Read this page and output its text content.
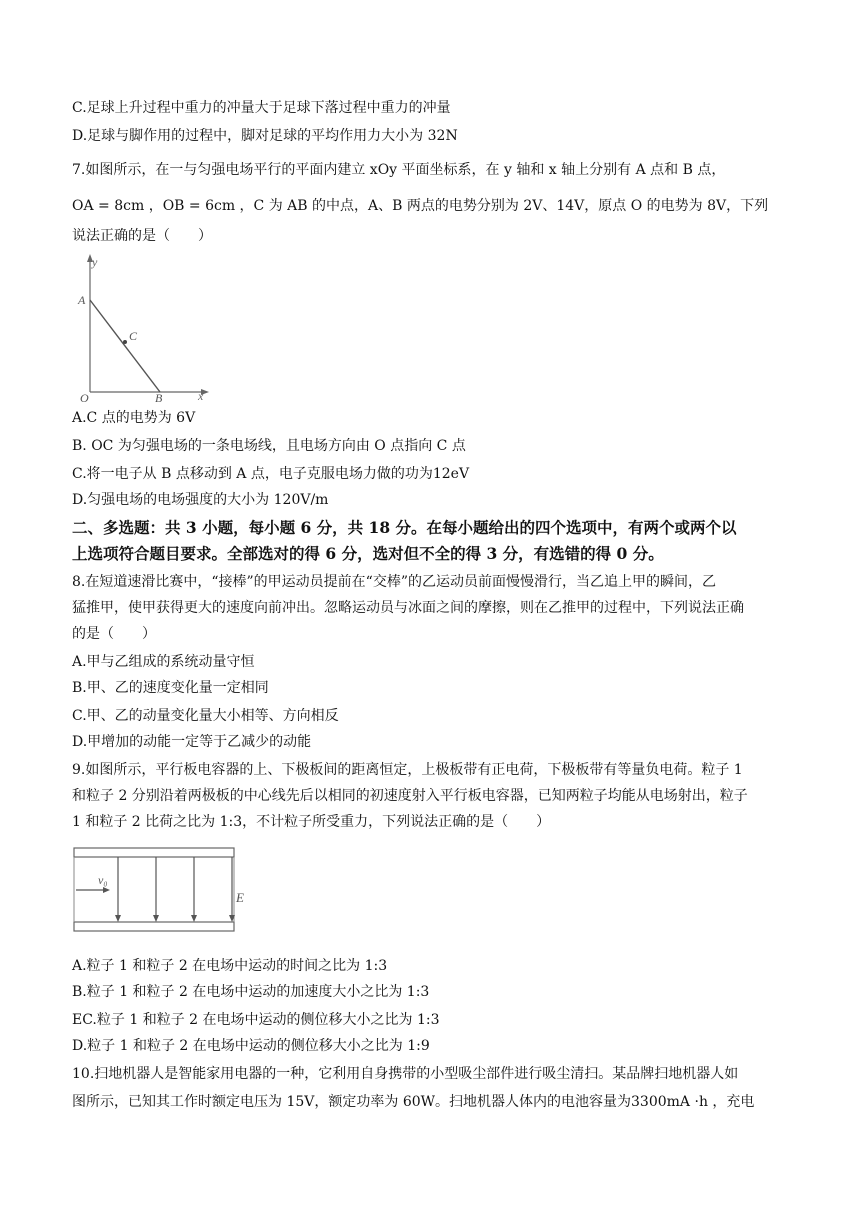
C.足球上升过程中重力的冲量大于足球下落过程中重力的冲量
D.足球与脚作用的过程中，脚对足球的平均作用力大小为 32N
7.如图所示，在一与匀强电场平行的平面内建立 xOy 平面坐标系，在 y 轴和 x 轴上分别有 A 点和 B 点，
OA = 8cm ，OB = 6cm ，C 为 AB 的中点，A、B 两点的电势分别为 2V、14V，原点 O 的电势为 8V，下列
说法正确的是（　　）
y
x
A
B
C
O
A.C 点的电势为 6V
B. OC 为匀强电场的一条电场线，且电场方向由 O 点指向 C 点
C.将一电子从 B 点移动到 A 点，电子克服电场力做的功为12eV
D.匀强电场的电场强度的大小为 120V/m
二、多选题：共 3 小题，每小题 6 分，共 18 分。在每小题给出的四个选项中，有两个或两个以
上选项符合题目要求。全部选对的得 6 分，选对但不全的得 3 分，有选错的得 0 分。
8.在短道速滑比赛中，“接棒”的甲运动员提前在“交棒”的乙运动员前面慢慢滑行，当乙追上甲的瞬间，乙
猛推甲，使甲获得更大的速度向前冲出。忽略运动员与冰面之间的摩擦，则在乙推甲的过程中，下列说法正确
的是（　　）
A.甲与乙组成的系统动量守恒
B.甲、乙的速度变化量一定相同
C.甲、乙的动量变化量大小相等、方向相反
D.甲增加的动能一定等于乙减少的动能
9.如图所示，平行板电容器的上、下极板间的距离恒定，上极板带有正电荷，下极板带有等量负电荷。粒子 1
和粒子 2 分别沿着两极板的中心线先后以相同的初速度射入平行板电容器，已知两粒子均能从电场射出，粒子
1 和粒子 2 比荷之比为 1:3，不计粒子所受重力，下列说法正确的是（　　）
v₀
E
A.粒子 1 和粒子 2 在电场中运动的时间之比为 1:3
B.粒子 1 和粒子 2 在电场中运动的加速度大小之比为 1:3
EC.粒子 1 和粒子 2 在电场中运动的侧位移大小之比为 1:3
D.粒子 1 和粒子 2 在电场中运动的侧位移大小之比为 1:9
10.扫地机器人是智能家用电器的一种，它利用自身携带的小型吸尘部件进行吸尘清扫。某品牌扫地机器人如
图所示，已知其工作时额定电压为 15V，额定功率为 60W。扫地机器人体内的电池容量为3300mA ·h ，充电
